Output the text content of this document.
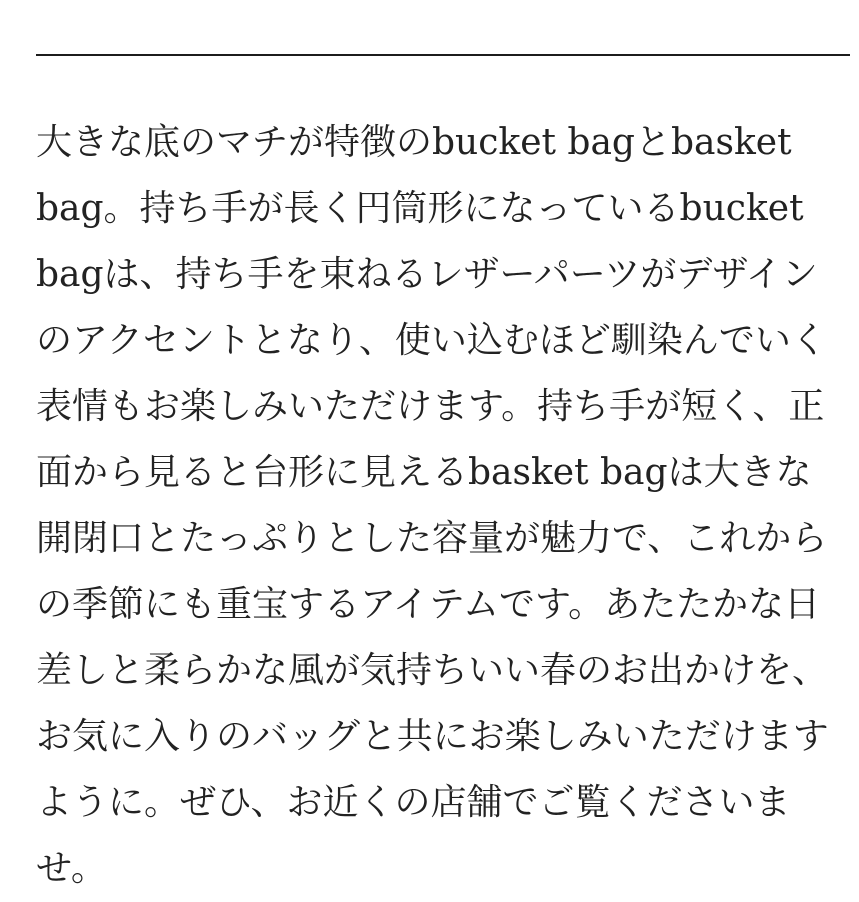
大きな底のマチが特徴のbucket bagとbasket
bag。持ち手が長く円筒形になっているbucket
bagは、持ち手を束ねるレザーパーツがデザイン
のアクセントとなり、使い込むほど馴染んでいく
表情もお楽しみいただけます。持ち手が短く、正
面から見ると台形に見えるbasket bagは大きな
開閉口とたっぷりとした容量が魅力で、これから
の季節にも重宝するアイテムです。あたたかな日
差しと柔らかな風が気持ちいい春のお出かけを、
お気に入りのバッグと共にお楽しみいただけます
ように。ぜひ、お近くの店舗でご覧くださいま
せ。
